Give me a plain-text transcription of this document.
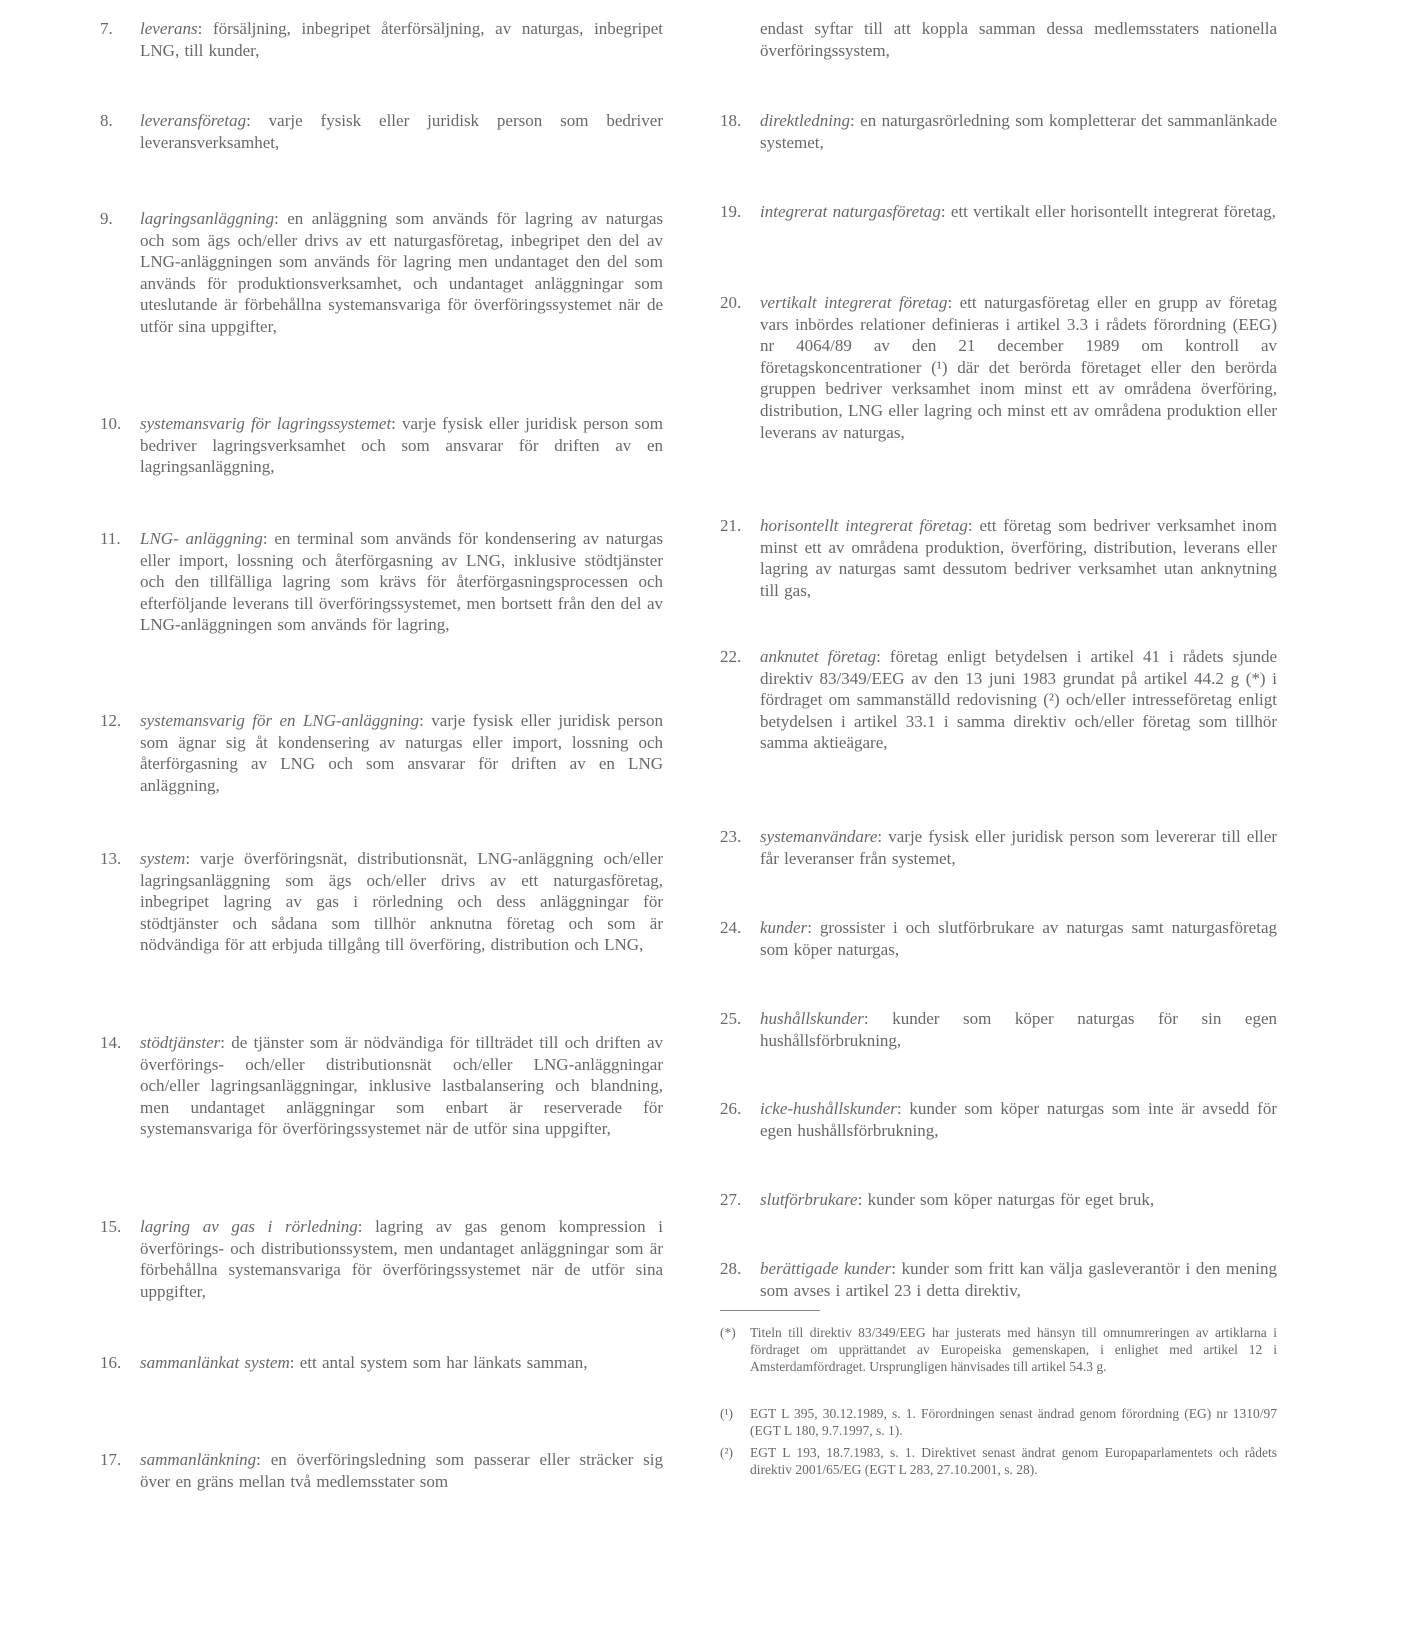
7.	leverans: försäljning, inbegripet återförsäljning, av naturgas, inbegripet LNG, till kunder,
8.	leveransföretag: varje fysisk eller juridisk person som bedriver leveransverksamhet,
9.	lagringsanläggning: en anläggning som används för lagring av naturgas och som ägs och/eller drivs av ett naturgasföretag, inbegripet den del av LNG-anläggningen som används för lagring men undantaget den del som används för produktionsverksamhet, och undantaget anläggningar som uteslutande är förbehållna systemansvariga för överföringssystemet när de utför sina uppgifter,
10.	systemansvarig för lagringssystemet: varje fysisk eller juridisk person som bedriver lagringsverksamhet och som ansvarar för driften av en lagringsanläggning,
11.	LNG- anläggning: en terminal som används för kondensering av naturgas eller import, lossning och återförgasning av LNG, inklusive stödtjänster och den tillfälliga lagring som krävs för återförgasningsprocessen och efterföljande leverans till överföringssystemet, men bortsett från den del av LNG-anläggningen som används för lagring,
12.	systemansvarig för en LNG-anläggning: varje fysisk eller juridisk person som ägnar sig åt kondensering av naturgas eller import, lossning och återförgasning av LNG och som ansvarar för driften av en LNG anläggning,
13.	system: varje överföringsnät, distributionsnät, LNG-anläggning och/eller lagringsanläggning som ägs och/eller drivs av ett naturgasföretag, inbegripet lagring av gas i rörledning och dess anläggningar för stödtjänster och sådana som tillhör anknutna företag och som är nödvändiga för att erbjuda tillgång till överföring, distribution och LNG,
14.	stödtjänster: de tjänster som är nödvändiga för tillträdet till och driften av överförings- och/eller distributionsnät och/eller LNG-anläggningar och/eller lagringsanläggningar, inklusive lastbalansering och blandning, men undantaget anläggningar som enbart är reserverade för systemansvariga för överföringssystemet när de utför sina uppgifter,
15.	lagring av gas i rörledning: lagring av gas genom kompression i överförings- och distributionssystem, men undantaget anläggningar som är förbehållna systemansvariga för överföringssystemet när de utför sina uppgifter,
16.	sammanlänkat system: ett antal system som har länkats samman,
17.	sammanlänkning: en överföringsledning som passerar eller sträcker sig över en gräns mellan två medlemsstater som
endast syftar till att koppla samman dessa medlemsstaters nationella överföringssystem,
18.	direktledning: en naturgasrörledning som kompletterar det sammanlänkade systemet,
19.	integrerat naturgasföretag: ett vertikalt eller horisontellt integrerat företag,
20.	vertikalt integrerat företag: ett naturgasföretag eller en grupp av företag vars inbördes relationer definieras i artikel 3.3 i rådets förordning (EEG) nr 4064/89 av den 21 december 1989 om kontroll av företagskoncentrationer (¹) där det berörda företaget eller den berörda gruppen bedriver verksamhet inom minst ett av områdena överföring, distribution, LNG eller lagring och minst ett av områdena produktion eller leverans av naturgas,
21.	horisontellt integrerat företag: ett företag som bedriver verksamhet inom minst ett av områdena produktion, överföring, distribution, leverans eller lagring av naturgas samt dessutom bedriver verksamhet utan anknytning till gas,
22.	anknutet företag: företag enligt betydelsen i artikel 41 i rådets sjunde direktiv 83/349/EEG av den 13 juni 1983 grundat på artikel 44.2 g (*) i fördraget om sammanställd redovisning (²) och/eller intresseföretag enligt betydelsen i artikel 33.1 i samma direktiv och/eller företag som tillhör samma aktieägare,
23.	systemanvändare: varje fysisk eller juridisk person som levererar till eller får leveranser från systemet,
24.	kunder: grossister i och slutförbrukare av naturgas samt naturgasföretag som köper naturgas,
25.	hushållskunder: kunder som köper naturgas för sin egen hushållsförbrukning,
26.	icke-hushållskunder: kunder som köper naturgas som inte är avsedd för egen hushållsförbrukning,
27.	slutförbrukare: kunder som köper naturgas för eget bruk,
28.	berättigade kunder: kunder som fritt kan välja gasleverantör i den mening som avses i artikel 23 i detta direktiv,
(*)	Titeln till direktiv 83/349/EEG har justerats med hänsyn till omnumreringen av artiklarna i fördraget om upprättandet av Europeiska gemenskapen, i enlighet med artikel 12 i Amsterdamfördraget. Ursprungligen hänvisades till artikel 54.3 g.
(¹)	EGT L 395, 30.12.1989, s. 1. Förordningen senast ändrad genom förordning (EG) nr 1310/97 (EGT L 180, 9.7.1997, s. 1).
(²)	EGT L 193, 18.7.1983, s. 1. Direktivet senast ändrat genom Europaparlamentets och rådets direktiv 2001/65/EG (EGT L 283, 27.10.2001, s. 28).
